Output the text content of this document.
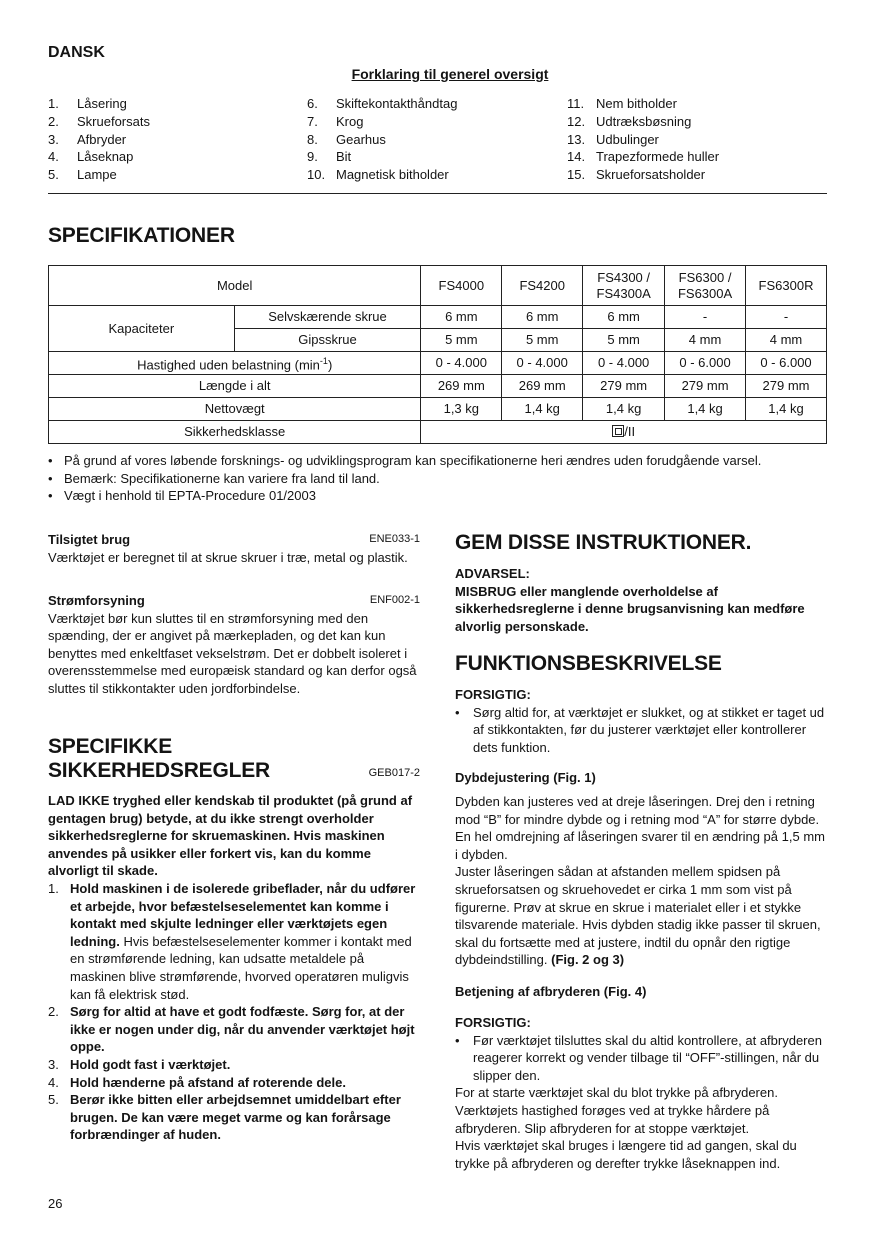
DANSK
Forklaring til generel oversigt
1.	Låsering
2.	Skrueforsats
3.	Afbryder
4.	Låseknap
5.	Lampe
6.	Skiftekontakthåndtag
7.	Krog
8.	Gearhus
9.	Bit
10. Magnetisk bitholder
11. Nem bitholder
12. Udtræksbøsning
13. Udbulinger
14. Trapezformede huller
15. Skrueforsatsholder
SPECIFIKATIONER
Model		FS4000	FS4200	FS4300 / FS4300A	FS6300 / FS6300A	FS6300R
Kapaciteter	Selvskærende skrue	6 mm	6 mm	6 mm	-	-
	Gipsskrue	5 mm	5 mm	5 mm	4 mm	4 mm
Hastighed uden belastning $(\min^{-1})$		0 - 4.000	0 - 4.000	0 - 4.000	0 - 6.000	0 - 6.000
Længde i alt		269 mm	269 mm	279 mm	279 mm	279 mm
Nettovægt		1,3 kg	1,4 kg	1,4 kg	1,4 kg	1,4 kg
Sikkerhedsklasse		/II				
• På grund af vores løbende forsknings- og udviklingsprogram kan specifikationerne heri ændres uden forudgående varsel.
• Bemærk: Specifikationerne kan variere fra land til land.
• Vægt i henhold til EPTA-Procedure 01/2003
Tilsigtet brug	ENE033-1
Værktøjet er beregnet til at skrue skruer i træ, metal og plastik.
Strømforsyning	ENF002-1
Værktøjet bør kun sluttes til en strømforsyning med den spænding, der er angivet på mærkepladen, og det kan kun benyttes med enkeltfaset vekselstrøm. Det er dobbelt isoleret i overensstemmelse med europæisk standard og kan derfor også sluttes til stikkontakter uden jordforbindelse.
SPECIFIKKE
SIKKERHEDSREGLER	GEB017-2
LAD IKKE tryghed eller kendskab til produktet (på grund af gentagen brug) betyde, at du ikke strengt overholder sikkerhedsreglerne for skruemaskinen. Hvis maskinen anvendes på usikker eller forkert vis, kan du komme alvorligt til skade.
1. Hold maskinen i de isolerede gribeflader, når du udfører et arbejde, hvor befæstelseselementet kan komme i kontakt med skjulte ledninger eller værktøjets egen ledning. Hvis befæstelseselementer kommer i kontakt med en strømførende ledning, kan udsatte metaldele på maskinen blive strømførende, hvorved operatøren muligvis kan få elektrisk stød.
2. Sørg for altid at have et godt fodfæste. Sørg for, at der ikke er nogen under dig, når du anvender værktøjet højt oppe.
3. Hold godt fast i værktøjet.
4. Hold hænderne på afstand af roterende dele.
5. Berør ikke bitten eller arbejdsemnet umiddelbart efter brugen. De kan være meget varme og kan forårsage forbrændinger af huden.
GEM DISSE INSTRUKTIONER.
ADVARSEL:
MISBRUG eller manglende overholdelse af sikkerhedsreglerne i denne brugsanvisning kan medføre alvorlig personskade.
FUNKTIONSBESKRIVELSE
FORSIGTIG:
•	Sørg altid for, at værktøjet er slukket, og at stikket er taget ud af stikkontakten, før du justerer værktøjet eller kontrollerer dets funktion.
Dybdejustering (Fig. 1)
Dybden kan justeres ved at dreje låseringen. Drej den i retning mod “B” for mindre dybde og i retning mod “A” for større dybde. En hel omdrejning af låseringen svarer til en ændring på 1,5 mm i dybden.
Juster låseringen sådan at afstanden mellem spidsen på skrueforsatsen og skruehovedet er cirka 1 mm som vist på figurerne. Prøv at skrue en skrue i materialet eller i et stykke tilsvarende materiale. Hvis dybden stadig ikke passer til skruen, skal du fortsætte med at justere, indtil du opnår den rigtige dybdeindstilling. (Fig. 2 og 3)
Betjening af afbryderen (Fig. 4)
FORSIGTIG:
•	Før værktøjet tilsluttes skal du altid kontrollere, at afbryderen reagerer korrekt og vender tilbage til “OFF”-stillingen, når du slipper den.
For at starte værktøjet skal du blot trykke på afbryderen. Værktøjets hastighed forøges ved at trykke hårdere på afbryderen. Slip afbryderen for at stoppe værktøjet.
Hvis værktøjet skal bruges i længere tid ad gangen, skal du trykke på afbryderen og derefter trykke låseknappen ind.
26
